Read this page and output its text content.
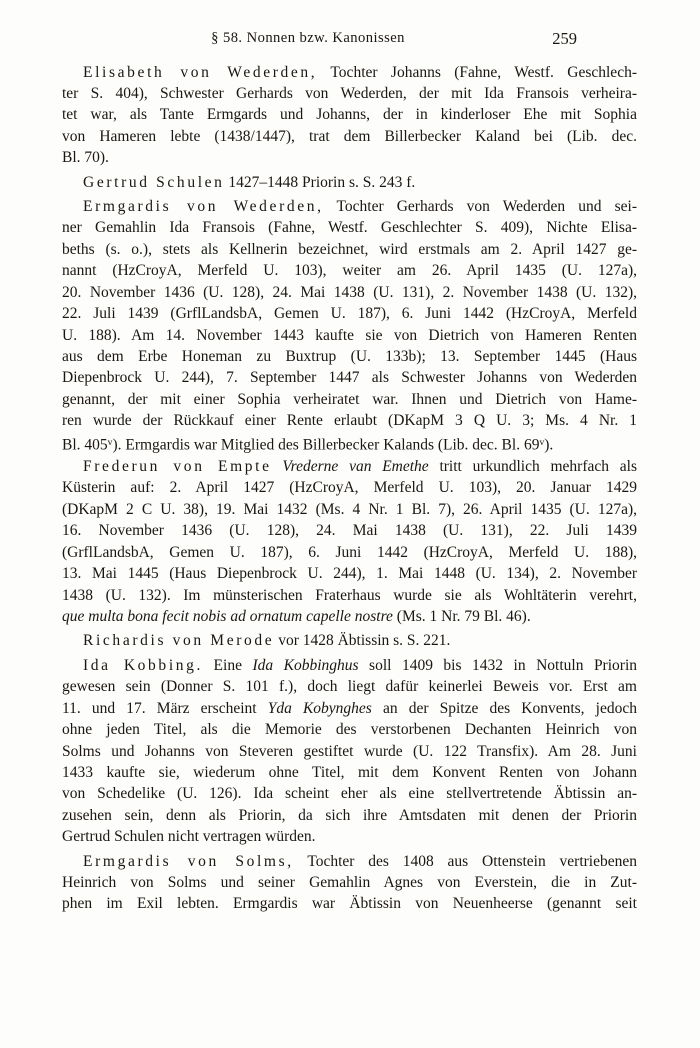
§ 58. Nonnen bzw. Kanonissen	259
Elisabeth von Wederden, Tochter Johanns (Fahne, Westf. Geschlech-
ter S. 404), Schwester Gerhards von Wederden, der mit Ida Fransois verheira-
tet war, als Tante Ermgards und Johanns, der in kinderloser Ehe mit Sophia
von Hameren lebte (1438/1447), trat dem Billerbecker Kaland bei (Lib. dec.
Bl. 70).
Gertrud Schulen 1427–1448 Priorin s. S. 243 f.
Ermgardis von Wederden, Tochter Gerhards von Wederden und sei-
ner Gemahlin Ida Fransois (Fahne, Westf. Geschlechter S. 409), Nichte Elisa-
beths (s. o.), stets als Kellnerin bezeichnet, wird erstmals am 2. April 1427 ge-
nannt (HzCroyA, Merfeld U. 103), weiter am 26. April 1435 (U. 127a),
20. November 1436 (U. 128), 24. Mai 1438 (U. 131), 2. November 1438 (U. 132),
22. Juli 1439 (GrflLandsbA, Gemen U. 187), 6. Juni 1442 (HzCroyA, Merfeld
U. 188). Am 14. November 1443 kaufte sie von Dietrich von Hameren Renten
aus dem Erbe Honeman zu Buxtrup (U. 133b); 13. September 1445 (Haus
Diepenbrock U. 244), 7. September 1447 als Schwester Johanns von Wederden
genannt, der mit einer Sophia verheiratet war. Ihnen und Dietrich von Hame-
ren wurde der Rückkauf einer Rente erlaubt (DKapM 3 Q U. 3; Ms. 4 Nr. 1
Bl. 405$^v$). Ermgardis war Mitglied des Billerbecker Kalands (Lib. dec. Bl. 69$^v$).
Frederun von Empte Vrederne van Emethe tritt urkundlich mehrfach als
Küsterin auf: 2. April 1427 (HzCroyA, Merfeld U. 103), 20. Januar 1429
(DKapM 2 C U. 38), 19. Mai 1432 (Ms. 4 Nr. 1 Bl. 7), 26. April 1435 (U. 127a),
16. November 1436 (U. 128), 24. Mai 1438 (U. 131), 22. Juli 1439
(GrflLandsbA, Gemen U. 187), 6. Juni 1442 (HzCroyA, Merfeld U. 188),
13. Mai 1445 (Haus Diepenbrock U. 244), 1. Mai 1448 (U. 134), 2. November
1438 (U. 132). Im münsterischen Fraterhaus wurde sie als Wohltäterin verehrt,
que multa bona fecit nobis ad ornatum capelle nostre (Ms. 1 Nr. 79 Bl. 46).
Richardis von Merode vor 1428 Äbtissin s. S. 221.
Ida Kobbing. Eine Ida Kobbinghus soll 1409 bis 1432 in Nottuln Priorin
gewesen sein (Donner S. 101 f.), doch liegt dafür keinerlei Beweis vor. Erst am
11. und 17. März erscheint Yda Kobynghes an der Spitze des Konvents, jedoch
ohne jeden Titel, als die Memorie des verstorbenen Dechanten Heinrich von
Solms und Johanns von Steveren gestiftet wurde (U. 122 Transfix). Am 28. Juni
1433 kaufte sie, wiederum ohne Titel, mit dem Konvent Renten von Johann
von Schedelike (U. 126). Ida scheint eher als eine stellvertretende Äbtissin an-
zusehen sein, denn als Priorin, da sich ihre Amtsdaten mit denen der Priorin
Gertrud Schulen nicht vertragen würden.
Ermgardis von Solms, Tochter des 1408 aus Ottenstein vertriebenen
Heinrich von Solms und seiner Gemahlin Agnes von Everstein, die in Zut-
phen im Exil lebten. Ermgardis war Äbtissin von Neuenheerse (genannt seit
